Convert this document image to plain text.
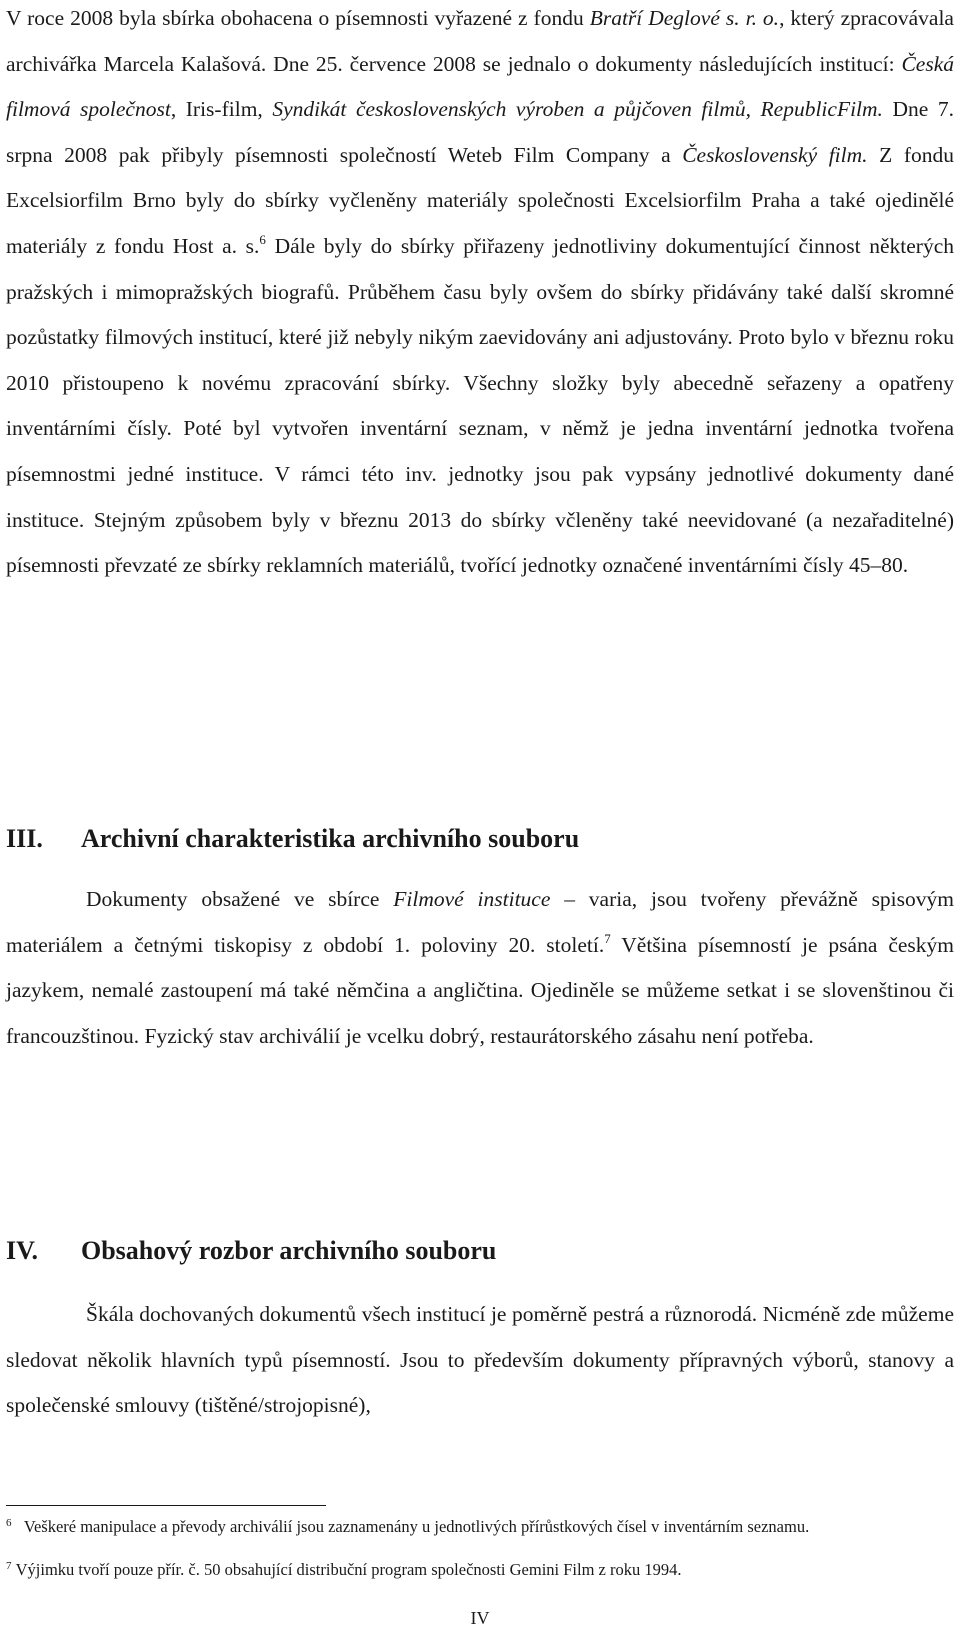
V roce 2008 byla sbírka obohacena o písemnosti vyřazené z fondu Bratří Deglové s. r. o., který zpracovávala archivářka Marcela Kalašová. Dne 25. července 2008 se jednalo o dokumenty následujících institucí: Česká filmová společnost, Iris-film, Syndikát československých výroben a půjčoven filmů, RepublicFilm. Dne 7. srpna 2008 pak přibyly písemnosti společností Weteb Film Company a Československý film. Z fondu Excelsiorfilm Brno byly do sbírky vyčleněny materiály společnosti Excelsiorfilm Praha a také ojedinělé materiály z fondu Host a. s.$^6$ Dále byly do sbírky přiřazeny jednotliviny dokumentující činnost některých pražských i mimopražských biografů. Průběhem času byly ovšem do sbírky přidávány také další skromné pozůstatky filmových institucí, které již nebyly nikým zaevidovány ani adjustovány. Proto bylo v březnu roku 2010 přistoupeno k novému zpracování sbírky. Všechny složky byly abecedně seřazeny a opatřeny inventárními čísly. Poté byl vytvořen inventární seznam, v němž je jedna inventární jednotka tvořena písemnostmi jedné instituce. V rámci této inv. jednotky jsou pak vypsány jednotlivé dokumenty dané instituce. Stejným způsobem byly v březnu 2013 do sbírky včleněny také neevidované (a nezařaditelné) písemnosti převzaté ze sbírky reklamních materiálů, tvořící jednotky označené inventárními čísly 45–80.

III. Archivní charakteristika archivního souboru

Dokumenty obsažené ve sbírce Filmové instituce – varia, jsou tvořeny převážně spisovým materiálem a četnými tiskopisy z období 1. poloviny 20. století.$^7$ Většina písemností je psána českým jazykem, nemalé zastoupení má také němčina a angličtina. Ojediněle se můžeme setkat i se slovenštinou či francouzštinou. Fyzický stav archiválií je vcelku dobrý, restaurátorského zásahu není potřeba.

IV. Obsahový rozbor archivního souboru

Škála dochovaných dokumentů všech institucí je poměrně pestrá a různorodá. Nicméně zde můžeme sledovat několik hlavních typů písemností. Jsou to především dokumenty přípravných výborů, stanovy a společenské smlouvy (tištěné/strojopisné),

$^6$ Veškeré manipulace a převody archiválií jsou zaznamenány u jednotlivých přírůstkových čísel v inventárním seznamu.

$^7$ Výjimku tvoří pouze přír. č. 50 obsahující distribuční program společnosti Gemini Film z roku 1994.

IV
